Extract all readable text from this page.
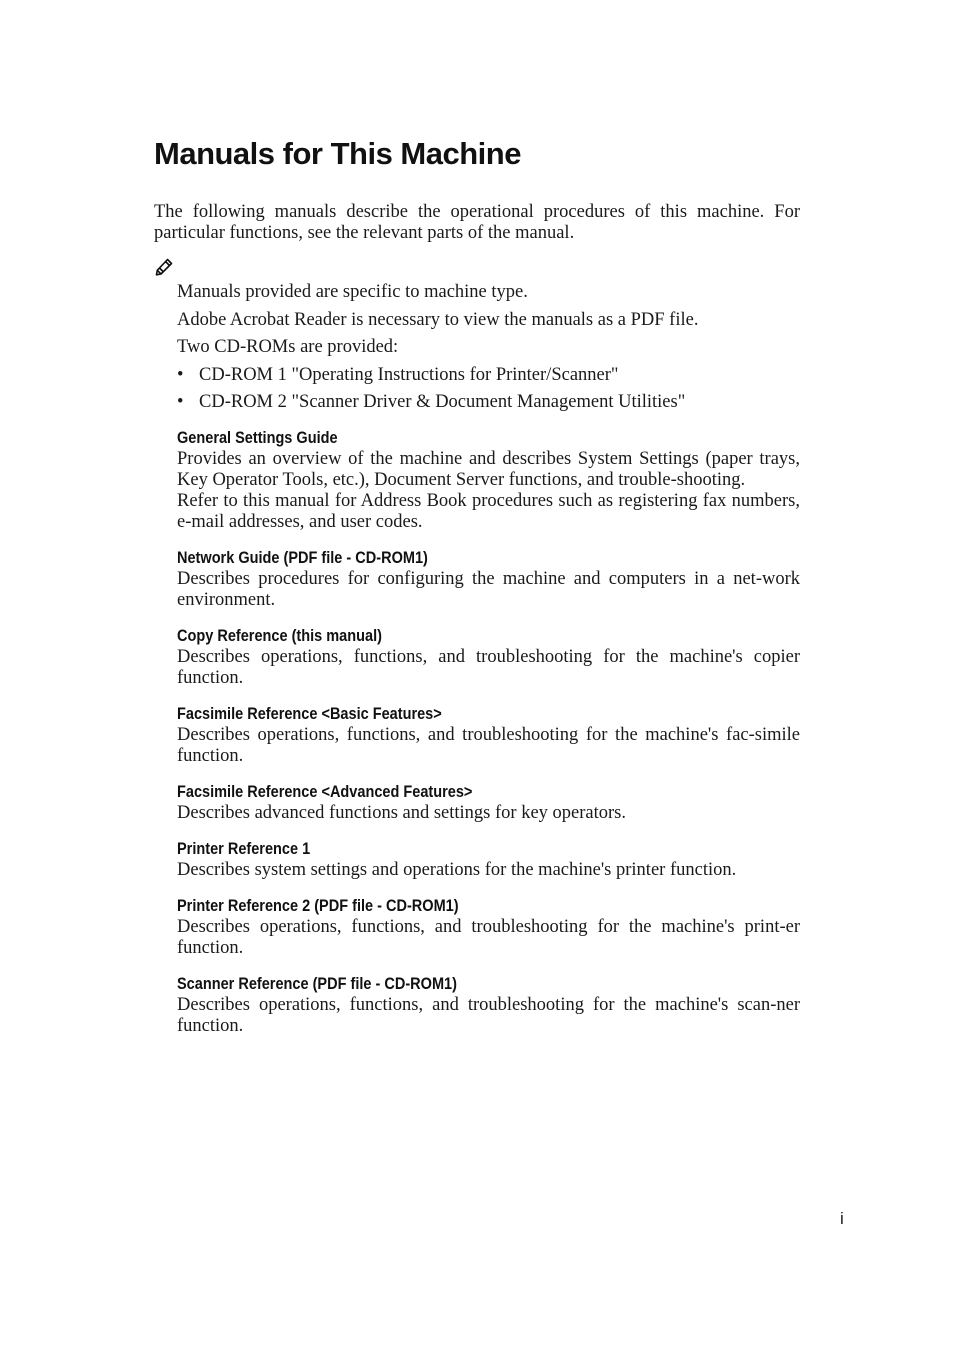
Manuals for This Machine

The following manuals describe the operational procedures of this machine. For particular functions, see the relevant parts of the manual.

Manuals provided are specific to machine type.

Adobe Acrobat Reader is necessary to view the manuals as a PDF file.

Two CD-ROMs are provided:

• CD-ROM 1 "Operating Instructions for Printer/Scanner"
• CD-ROM 2 "Scanner Driver & Document Management Utilities"

General Settings Guide

Provides an overview of the machine and describes System Settings (paper trays, Key Operator Tools, etc.), Document Server functions, and trouble-shooting.

Refer to this manual for Address Book procedures such as registering fax numbers, e-mail addresses, and user codes.

Network Guide (PDF file - CD-ROM1)

Describes procedures for configuring the machine and computers in a net-work environment.

Copy Reference (this manual)

Describes operations, functions, and troubleshooting for the machine's copier function.

Facsimile Reference <Basic Features>

Describes operations, functions, and troubleshooting for the machine's fac-simile function.

Facsimile Reference <Advanced Features>

Describes advanced functions and settings for key operators.

Printer Reference 1

Describes system settings and operations for the machine's printer function.

Printer Reference 2 (PDF file - CD-ROM1)

Describes operations, functions, and troubleshooting for the machine's print-er function.

Scanner Reference (PDF file - CD-ROM1)

Describes operations, functions, and troubleshooting for the machine's scan-ner function.

i
